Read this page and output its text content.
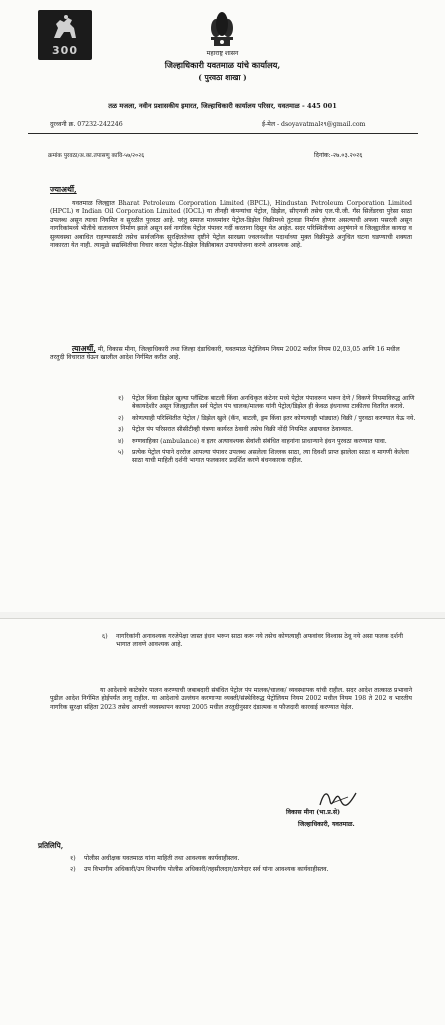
300	महाराष्ट्र शासन
जिल्हाधिकारी यवतमाळ यांचे कार्यालय,
( पुरवठा शाखा )
तळ मजला, नवीन प्रशासकीय इमारत, जिल्हाधिकारी कार्यालय परिसर, यवतमाळ - 445 001
दुरध्वनी क्र. 07232-242246	ई-मेल - dsoyavatmal२९@gmail.com
क्रमांक पुरवठा/अ.का.तपासणु कावि-५७/२०२६	दिनांक:-२७.०३.२०२६
ज्याअर्थी,
यवतमाळ जिल्ह्यात Bharat Petroleum Corporation Limited (BPCL), Hindustan Petroleum Corporation Limited (HPCL) व Indian Oil Corporation Limited (IOCL) या तीनही कंपन्यांचा पेट्रोल, डिझेल, सीएनजी तसेच एल.पी.जी. गॅस सिलेंडरचा पुरेसा साठा उपलब्ध असून त्याचा नियमित व सुरळीत पुरवठा आहे. परंतु समाज माध्यमांवर पेट्रोल-डिझेल विक्रीमध्ये तुटवडा निर्माण होणार असल्याची अफवा पसरली असून नागरिकांमध्ये भीतीचे वातावरण निर्माण झाले असून सर्व नागरिक पेट्रोल पंपावर गर्दी करताना दिसून येत आहेत. सदर परिस्थितीच्या अनुषंगाने व जिल्ह्यातील कायदा व सुव्यवस्था अबाधित राहण्यासाठी तसेच सार्वजनिक सुरक्षिततेच्या दृष्टीने पेट्रोल सारख्या ज्वलनशील पदार्थाच्या मुक्त विक्रीमुळे अनुचित घटना घडण्याची शक्यता नाकारता येत नाही. त्यामुळे सद्यस्थितीचा विचार करता पेट्रोल-डिझेल विक्रीबाबत उपाययोजना करणे आवश्यक आहे.
त्याअर्थी, मी, विकास मीना, जिल्हाधिकारी तथा जिल्हा दंडाधिकारी, यवतमाळ पेट्रोलियम नियम 2002 मधील नियम 02,03,05 आणि 16 मधील तरतुदी विचारात घेऊन खालील आदेश निर्गमित करीत आहे.
१) पेट्रोल किंवा डिझेल खुल्या प्लॅस्टिक बाटली किंवा अनधिकृत कंटेनर मध्ये पेट्रोल पंपावरून भरून देणे / विकणे नियमाविरुद्ध आणि बेकायदेशीर असून जिल्ह्यातील सर्व पेट्रोल पंप चालक/मालक यांनी पेट्रोल/डिझेल ही केवळ इंधनाच्या टाकीतच वितरित करावे.
२) कोणत्याही परिस्थितीत पेट्रोल / डिझेल खुले (कॅन, बाटली, ड्रम किंवा इतर कोणत्याही भांड्यात) विक्री / पुरवठा करण्यात येऊ नये.
३) पेट्रोल पंप परिसरात सीसीटीव्ही यंत्रणा कार्यरत ठेवावी तसेच विक्री नोंदी नियमित अद्ययावत ठेवाव्यात.
४) रुग्णवाहिका (ambulance) व इतर अत्यावश्यक सेवांशी संबंधित वाहनांना प्राधान्याने इंधन पुरवठा करण्यात यावा.
५) प्रत्येक पेट्रोल पंपाने दररोज आपल्या पंपावर उपलब्ध असलेला शिल्लक साठा, त्या दिवशी प्राप्त झालेला साठा व मागणी केलेला साठा याची माहिती दर्शनी भागात फलकावर प्रदर्शित करणे बंधनकारक राहील.
६) नागरिकांनी अनावश्यक गरजेपेक्षा जास्त इंधन भरून साठा करू नये तसेच कोणत्याही अफवांवर विश्वास ठेवू नये असा फलक दर्शनी भागात लावणे आवश्यक आहे.
या आदेशाचे काटेकोर पालन करण्याची जबाबदारी संबंधित पेट्रोल पंप मालक/चालक/ व्यवस्थापक यांची राहील. सदर आदेश तात्काळ प्रभावाने पुढील आदेश निर्गमित होईपर्यंत लागू राहील. या आदेशाचे उल्लंघन करणाऱ्या व्यक्ती/संस्थेविरुद्ध पेट्रोलियम नियम 2002 मधील नियम 198 ते 202 व भारतीय नागरिक सुरक्षा संहिता 2023 तसेच आपत्ती व्यवस्थापन कायदा 2005 मधील तरतुदीनुसार दंडात्मक व फौजदारी कारवाई करण्यात येईल.
विकास मीना (भा.प्र.से)
जिल्हाधिकारी, यवतमाळ.
प्रतिलिपि,
१) पोलीस अधीक्षक यवतमाळ यांना माहिती तथा आवश्यक कार्यवाहीस्तव.
२) उप विभागीय अधिकारी/उप विभागीय पोलीस अधिकारी/तहसीलदार/ठाणेदार सर्व यांना आवश्यक कार्यवाहीस्तव.
